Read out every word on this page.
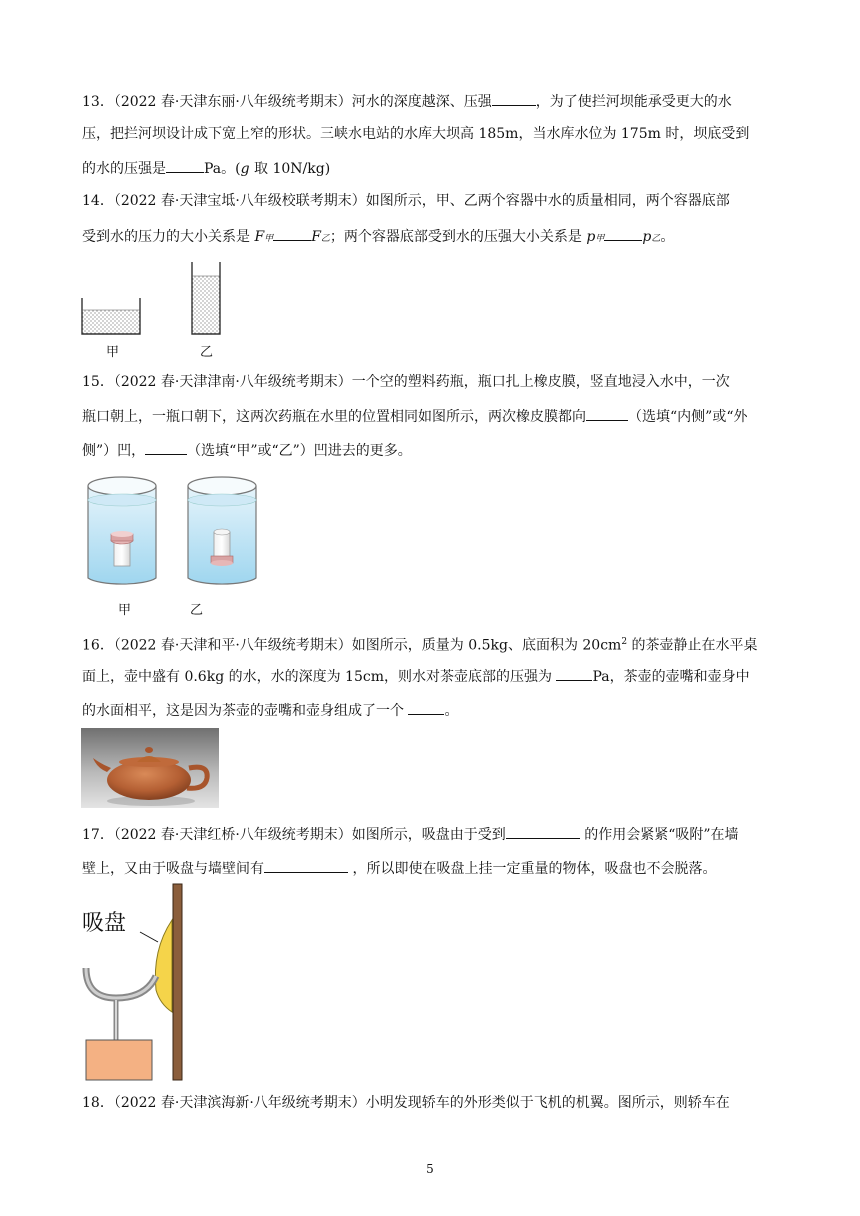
13．（2022 春·天津东丽·八年级统考期末）河水的深度越深、压强	，为了使拦河坝能承受更大的水
压，把拦河坝设计成下宽上窄的形状。三峡水电站的水库大坝高 185m，当水库水位为 175m 时，坝底受到
的水的压强是	Pa。(g 取 10N/kg)
14．（2022 春·天津宝坻·八年级校联考期末）如图所示，甲、乙两个容器中水的质量相同，两个容器底部
受到水的压力的大小关系是 F甲	F乙；两个容器底部受到水的压强大小关系是 p甲	p乙。
甲	乙
15．（2022 春·天津津南·八年级统考期末）一个空的塑料药瓶，瓶口扎上橡皮膜，竖直地浸入水中，一次
瓶口朝上，一瓶口朝下，这两次药瓶在水里的位置相同如图所示，两次橡皮膜都向	（选填“内侧”或“外
侧”）凹，	（选填“甲”或“乙”）凹进去的更多。
甲	乙
16．（2022 春·天津和平·八年级统考期末）如图所示，质量为 0.5kg、底面积为 $20cm^2$ 的茶壶静止在水平桌
面上，壶中盛有 0.6kg 的水，水的深度为 15cm，则水对茶壶底部的压强为	Pa，茶壶的壶嘴和壶身中
的水面相平，这是因为茶壶的壶嘴和壶身组成了一个	。
17．（2022 春·天津红桥·八年级统考期末）如图所示，吸盘由于受到	的作用会紧紧“吸附”在墙
壁上，又由于吸盘与墙壁间有	，所以即使在吸盘上挂一定重量的物体，吸盘也不会脱落。
吸盘
18．（2022 春·天津滨海新·八年级统考期末）小明发现轿车的外形类似于飞机的机翼。图所示，则轿车在
5
